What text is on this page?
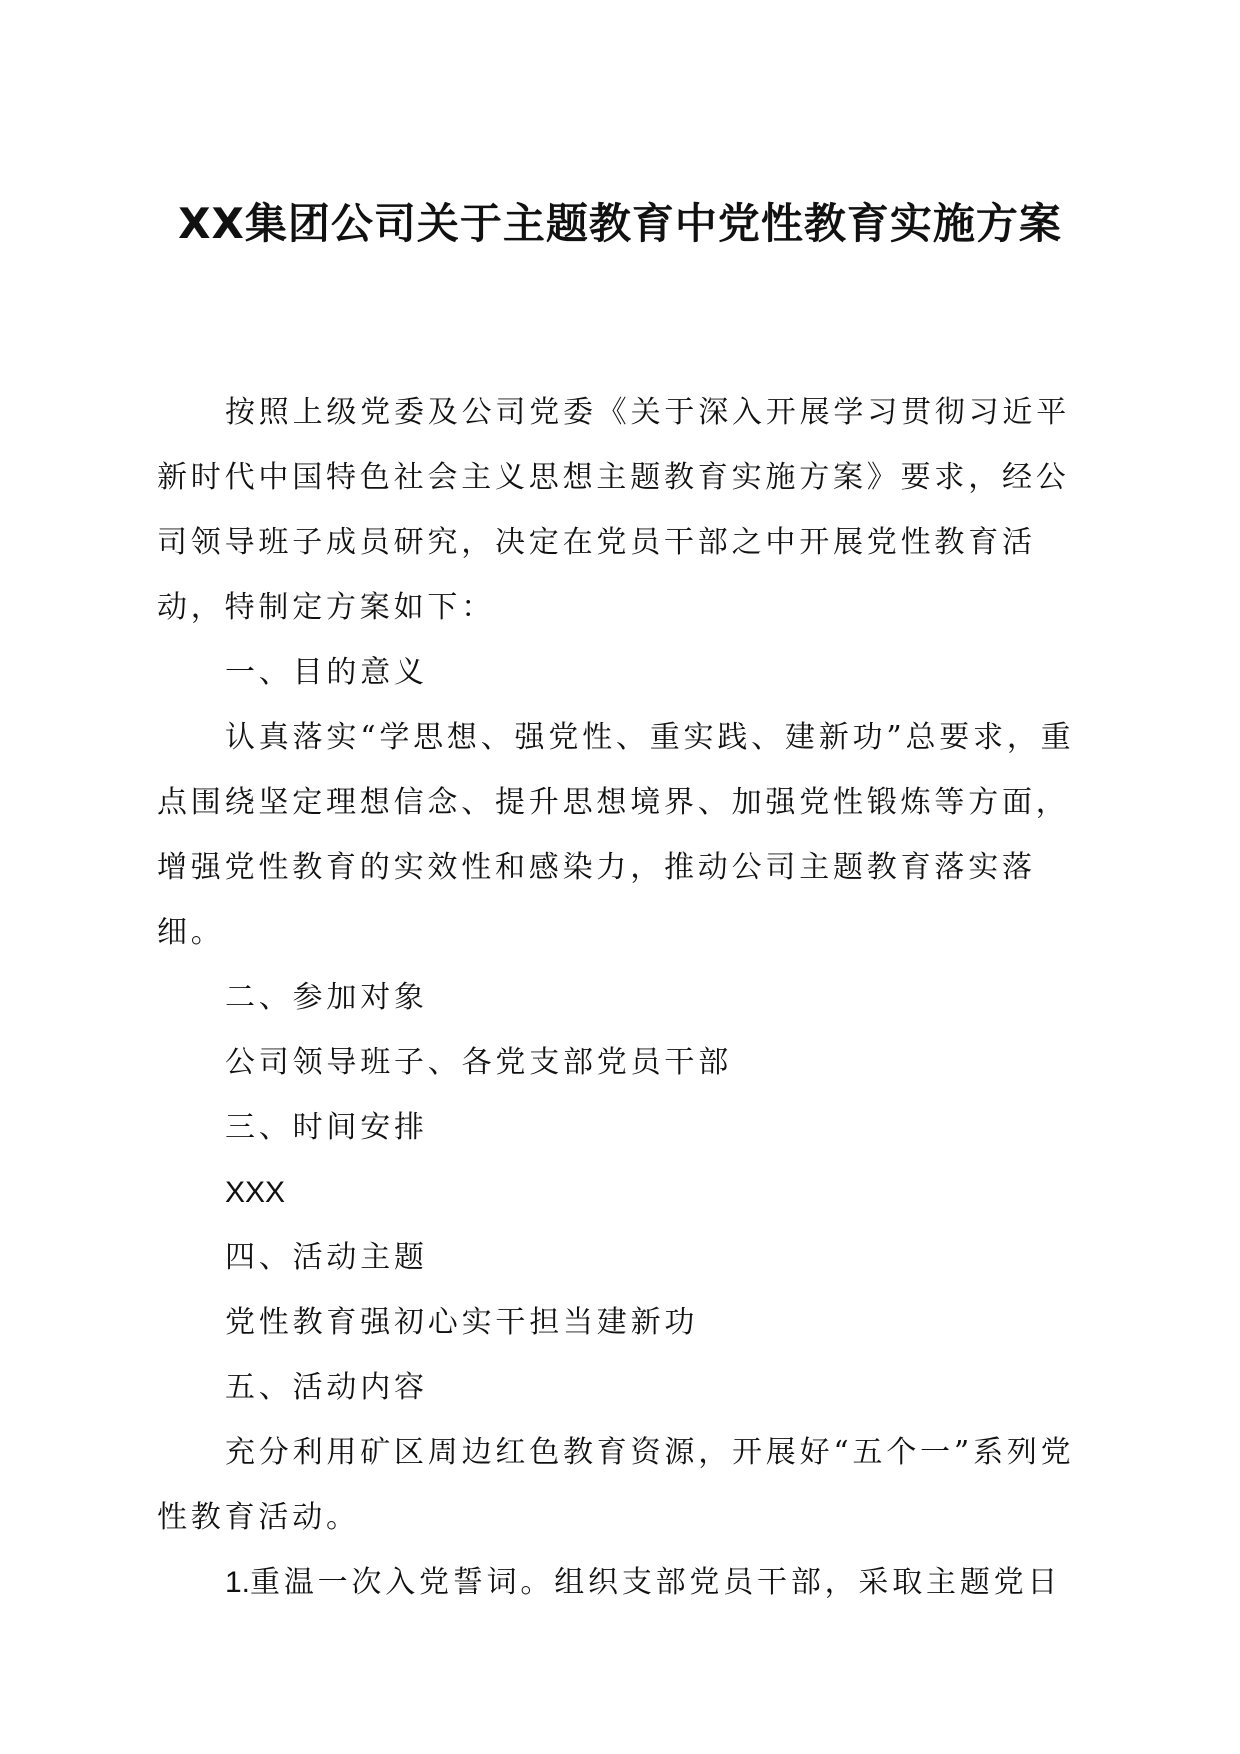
XX集团公司关于主题教育中党性教育实施方案

按照上级党委及公司党委《关于深入开展学习贯彻习近平新时代中国特色社会主义思想主题教育实施方案》要求，经公司领导班子成员研究，决定在党员干部之中开展党性教育活动，特制定方案如下：

一、目的意义

认真落实“学思想、强党性、重实践、建新功”总要求，重点围绕坚定理想信念、提升思想境界、加强党性锻炼等方面，增强党性教育的实效性和感染力，推动公司主题教育落实落细。

二、参加对象

公司领导班子、各党支部党员干部

三、时间安排

XXX

四、活动主题

党性教育强初心实干担当建新功

五、活动内容

充分利用矿区周边红色教育资源，开展好“五个一”系列党性教育活动。

1.重温一次入党誓词。组织支部党员干部，采取主题党日
